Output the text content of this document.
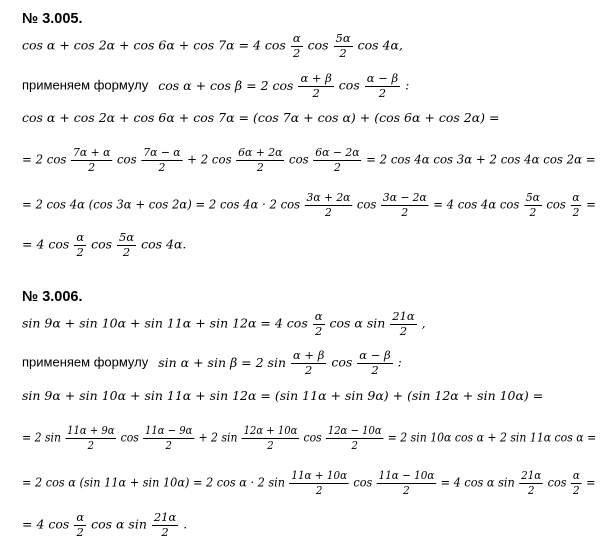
№ 3.005.
cos α + cos 2α + cos 6α + cos 7α = 4 $\cos \frac{\alpha}{2}$ $\cos \frac{5\alpha}{2}$ cos 4α,
применяем формулу cos α + cos β = 2 $\cos \frac{\alpha + \beta}{2}$ $\cos \frac{\alpha - \beta}{2}$ :
cos α + cos 2α + cos 6α + cos 7α = (cos 7α + cos α) + (cos 6α + cos 2α) =
= 2 $\cos \frac{7\alpha + \alpha}{2}$ $\cos \frac{7\alpha - \alpha}{2} + 2$ $\cos \frac{6\alpha + 2\alpha}{2}$ $\cos \frac{6\alpha - 2\alpha}{2} = 2$ cos 4α cos 3α + 2 cos 4α cos 2α =
= 2 cos 4α (cos 3α + cos 2α) = 2 cos 4α · 2 $\cos \frac{3\alpha + 2\alpha}{2}$ $\cos \frac{3\alpha - 2\alpha}{2} = 4$ cos 4α $\cos \frac{5\alpha}{2}$ $\cos \frac{\alpha}{2}$ =
= 4 $\cos \frac{\alpha}{2}$ $\cos \frac{5\alpha}{2}$ cos 4α.
№ 3.006.
sin 9α + sin 10α + sin 11α + sin 12α = 4 $\cos \frac{\alpha}{2}$ cos α $\sin \frac{21\alpha}{2}$ ,
применяем формулу sin α + sin β = 2 $\sin \frac{\alpha + \beta}{2}$ $\cos \frac{\alpha - \beta}{2}$ :
sin 9α + sin 10α + sin 11α + sin 12α = (sin 11α + sin 9α) + (sin 12α + sin 10α) =
= 2 $\sin \frac{11\alpha + 9\alpha}{2}$ $\cos \frac{11\alpha - 9\alpha}{2} + 2$ $\sin \frac{12\alpha + 10\alpha}{2}$ $\cos \frac{12\alpha - 10\alpha}{2} = 2$ sin 10α cos α + 2 sin 11α cos α =
= 2 cos α (sin 11α + sin 10α) = 2 cos α · 2 $\sin \frac{11\alpha + 10\alpha}{2}$ $\cos \frac{11\alpha - 10\alpha}{2} = 4$ cos α $\sin \frac{21\alpha}{2}$ $\cos \frac{\alpha}{2}$ =
= 4 $\cos \frac{\alpha}{2}$ cos α $\sin \frac{21\alpha}{2}$ .
